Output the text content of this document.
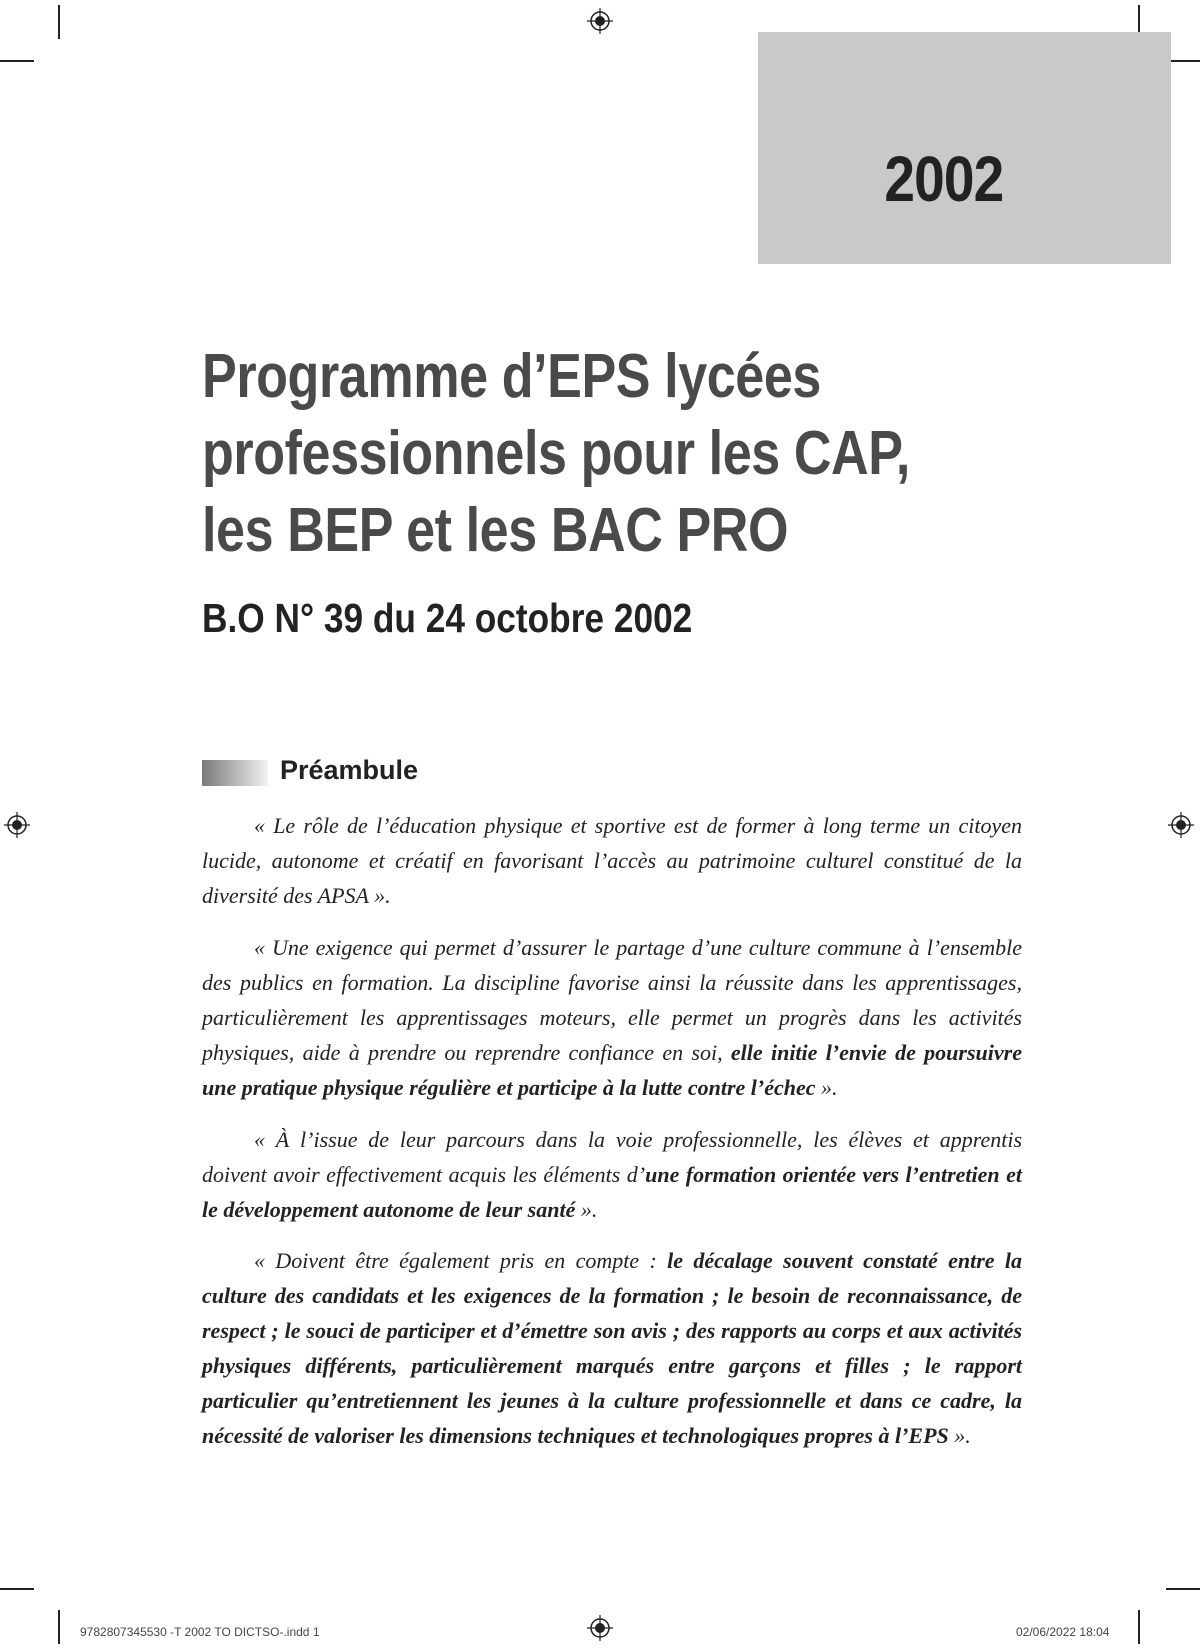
2002
Programme d’EPS lycées
professionnels pour les CAP,
les BEP et les BAC PRO
B.O N° 39 du 24 octobre 2002
Préambule
« Le rôle de l’éducation physique et sportive est de former à long terme un citoyen lucide, autonome et créatif en favorisant l’accès au patrimoine culturel constitué de la diversité des APSA ».
« Une exigence qui permet d’assurer le partage d’une culture commune à l’ensemble des publics en formation. La discipline favorise ainsi la réussite dans les apprentissages, particulièrement les apprentissages moteurs, elle permet un progrès dans les activités physiques, aide à prendre ou reprendre confiance en soi, elle initie l’envie de poursuivre une pratique physique régulière et participe à la lutte contre l’échec ».
« À l’issue de leur parcours dans la voie professionnelle, les élèves et apprentis doivent avoir effectivement acquis les éléments d’une formation orientée vers l’entretien et le développement autonome de leur santé ».
« Doivent être également pris en compte : le décalage souvent constaté entre la culture des candidats et les exigences de la formation ; le besoin de reconnaissance, de respect ; le souci de participer et d’émettre son avis ; des rapports au corps et aux activités physiques différents, particulièrement marqués entre garçons et filles ; le rapport particulier qu’entretiennent les jeunes à la culture professionnelle et dans ce cadre, la nécessité de valoriser les dimensions techniques et technologiques propres à l’EPS ».
9782807345530 -T 2002 TO DICTSO-.indd 1	02/06/2022 18:04
